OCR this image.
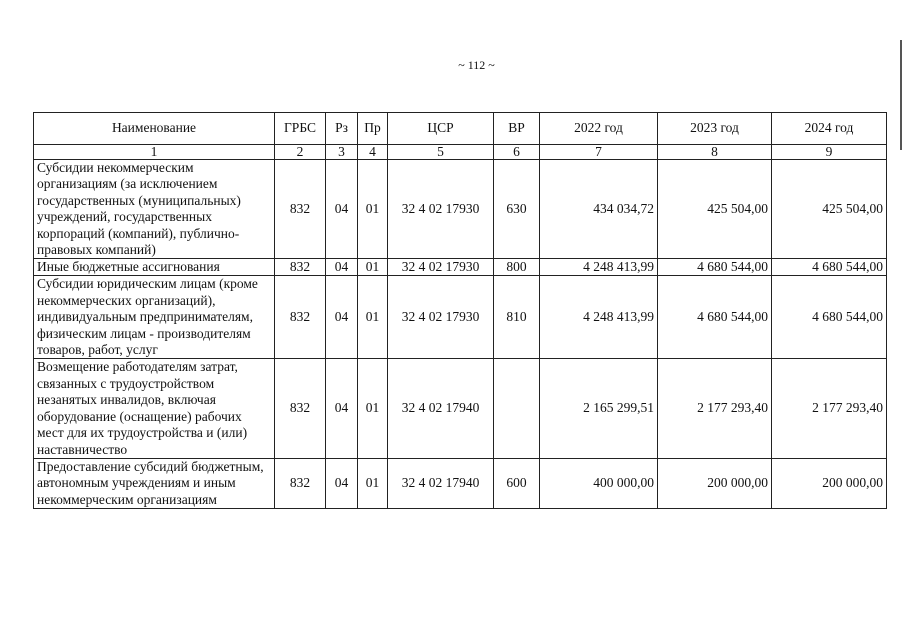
~ 112 ~
Наименование	ГРБС	Рз	Пр	ЦСР	ВР	2022 год	2023 год	2024 год
1	2	3	4	5	6	7	8	9
Субсидии некоммерческим организациям (за исключением государственных (муниципальных) учреждений, государственных корпораций (компаний), публично-правовых компаний)	832	04	01	32 4 02 17930	630	434 034,72	425 504,00	425 504,00
Иные бюджетные ассигнования	832	04	01	32 4 02 17930	800	4 248 413,99	4 680 544,00	4 680 544,00
Субсидии юридическим лицам (кроме некоммерческих организаций), индивидуальным предпринимателям, физическим лицам - производителям товаров, работ, услуг	832	04	01	32 4 02 17930	810	4 248 413,99	4 680 544,00	4 680 544,00
Возмещение работодателям затрат, связанных с трудоустройством незанятых инвалидов, включая оборудование (оснащение) рабочих мест для их трудоустройства и (или) наставничество	832	04	01	32 4 02 17940		2 165 299,51	2 177 293,40	2 177 293,40
Предоставление субсидий бюджетным, автономным учреждениям и иным некоммерческим организациям	832	04	01	32 4 02 17940	600	400 000,00	200 000,00	200 000,00
